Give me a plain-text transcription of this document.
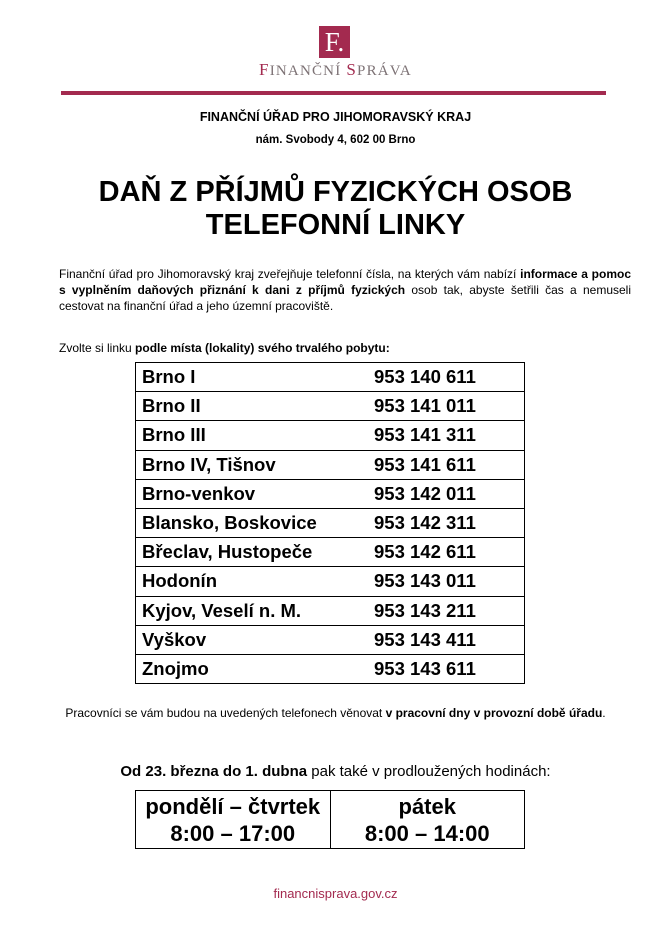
F.
FINANČNÍ SPRÁVA
FINANČNÍ ÚŘAD PRO JIHOMORAVSKÝ KRAJ
nám. Svobody 4, 602 00 Brno
DAŇ Z PŘÍJMŮ FYZICKÝCH OSOB
TELEFONNÍ LINKY
Finanční úřad pro Jihomoravský kraj zveřejňuje telefonní čísla, na kterých vám nabízí informace a pomoc s vyplněním daňových přiznání k dani z příjmů fyzických osob tak, abyste šetřili čas a nemuseli cestovat na finanční úřad a jeho územní pracoviště.
Zvolte si linku podle místa (lokality) svého trvalého pobytu:
Brno I	953 140 611
Brno II	953 141 011
Brno III	953 141 311
Brno IV, Tišnov	953 141 611
Brno-venkov	953 142 011
Blansko, Boskovice	953 142 311
Břeclav, Hustopeče	953 142 611
Hodonín	953 143 011
Kyjov, Veselí n. M.	953 143 211
Vyškov	953 143 411
Znojmo	953 143 611
Pracovníci se vám budou na uvedených telefonech věnovat v pracovní dny v provozní době úřadu.
Od 23. března do 1. dubna pak také v prodloužených hodinách:
pondělí – čtvrtek
8:00 – 17:00

pátek
8:00 – 14:00
financnisprava.gov.cz
